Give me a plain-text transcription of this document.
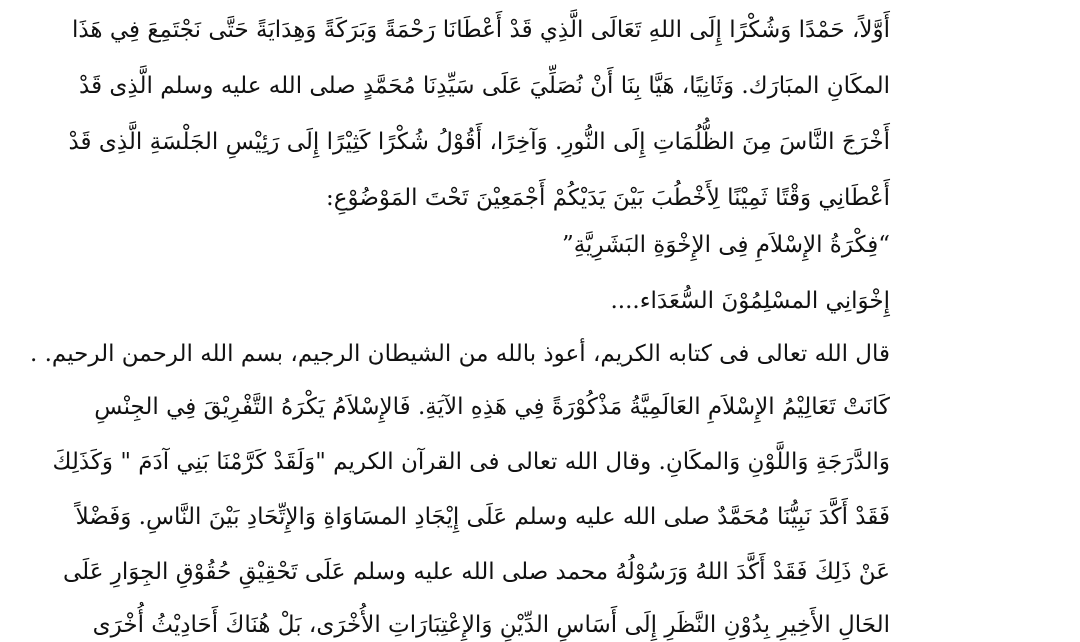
أَوَّلاً، حَمْدًا وَشُكْرًا إِلَى اللهِ تَعَالَى الَّذِي قَدْ أَعْطَانَا رَحْمَةً وَبَرَكَةً وَهِدَايَةً حَتَّى نَجْتَمِعَ فِي هَذَا
المكَانِ المبَارَك. وَثَانِيًا، هَيَّا بِنَا أَنْ نُصَلِّيَ عَلَى سَيِّدِنَا مُحَمَّدٍ صلى الله عليه وسلم الَّذِى قَدْ
أَخْرَجَ النَّاسَ مِنَ الظُّلُمَاتِ إِلَى النُّورِ. وَآخِرًا، أَقُوْلُ شُكْرًا كَثِيْرًا إِلَى رَئِيْسِ الجَلْسَةِ الَّذِى قَدْ
أَعْطَانِي وَقْتًا ثَمِيْنًا لِأَخْطُبَ بَيْنَ يَدَيْكُمْ أَجْمَعِيْنَ تَحْتَ المَوْضُوْعِ:
“فِكْرَةُ الإِسْلاَمِ فِى الإِخْوَةِ البَشَرِيَّةِ”
إِخْوَانِي المسْلِمُوْنَ السُّعَدَاء....
قال الله تعالى فى كتابه الكريم، أعوذ بالله من الشيطان الرجيم، بسم الله الرحمن الرحيم. .
كَانَتْ تَعَالِيْمُ الإِسْلاَمِ العَالَمِيَّةُ مَذْكُوْرَةً فِي هَذِهِ الآيَةِ. فَالإِسْلاَمُ يَكْرَهُ التَّفْرِيْقَ فِي الجِنْسِ
وَالدَّرَجَةِ وَاللَّوْنِ وَالمكَانِ. وقال الله تعالى فى القرآن الكريم "وَلَقَدْ كَرَّمْنَا بَنِي آدَمَ " وَكَذَلِكَ
فَقَدْ أَكَّدَ نَبِيُّنَا مُحَمَّدٌ صلى الله عليه وسلم عَلَى إِيْجَادِ المسَاوَاةِ وَالإِتِّحَادِ بَيْنَ النَّاسِ. وَفَضْلاً
عَنْ ذَلِكَ فَقَدْ أَكَّدَ اللهُ وَرَسُوْلُهُ محمد صلى الله عليه وسلم عَلَى تَحْقِيْقِ حُقُوْقِ الجِوَارِ عَلَى
الحَالِ الأَخِيرِ بِدُوْنِ النَّظَرِ إِلَى أَسَاسِ الدِّيْنِ وَالإِعْتِبَارَاتِ الأُخْرَى، بَلْ هُنَاكَ أَحَادِيْثُ أُخْرَى
